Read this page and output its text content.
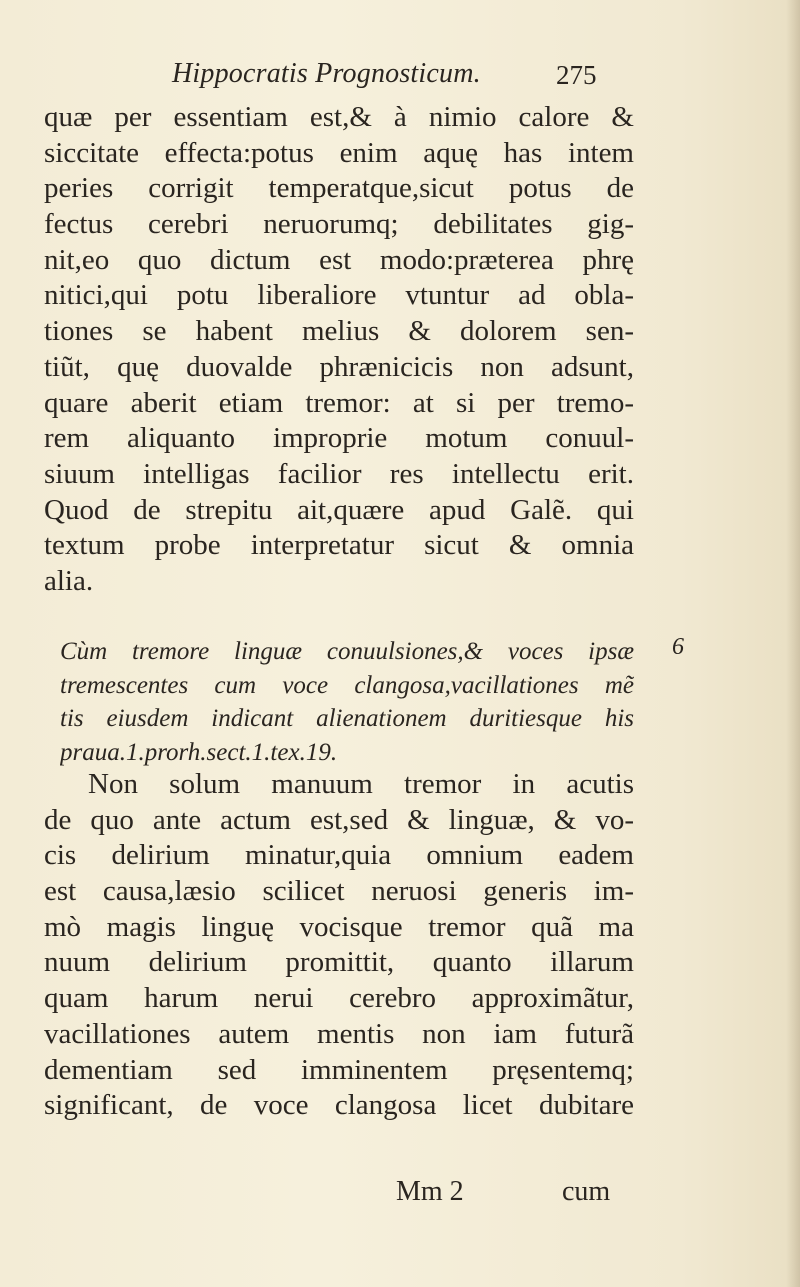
Hippocratis Prognosticum.	275
quæ per essentiam est,& à nimio calore &
siccitate effecta:potus enim aquę has intem
peries corrigit temperatque,sicut potus de
fectus cerebri neruorumq; debilitates gig-
nit,eo quo dictum est modo:præterea phrę
nitici,qui potu liberaliore vtuntur ad obla-
tiones se habent melius & dolorem sen-
tiũt, quę duovalde phrænicicis non adsunt,
quare aberit etiam tremor: at si per tremo-
rem aliquanto improprie motum conuul-
siuum intelligas facilior res intellectu erit.
Quod de strepitu ait,quære apud Galẽ. qui
textum probe interpretatur sicut & omnia
alia.
Cùm tremore linguæ conuulsiones,& voces ipsæ
tremescentes cum voce clangosa,vacillationes mẽ
tis eiusdem indicant alienationem duritiesque his
praua.1.prorh.sect.1.tex.19.
6
Non solum manuum tremor in acutis
de quo ante actum est,sed & linguæ, & vo-
cis delirium minatur,quia omnium eadem
est causa,læsio scilicet neruosi generis im-
mò magis linguę vocisque tremor quã ma
nuum delirium promittit, quanto illarum
quam harum nerui cerebro approximãtur,
vacillationes autem mentis non iam futurã
dementiam sed imminentem pręsentemq;
significant, de voce clangosa licet dubitare
Mm 2	cum
